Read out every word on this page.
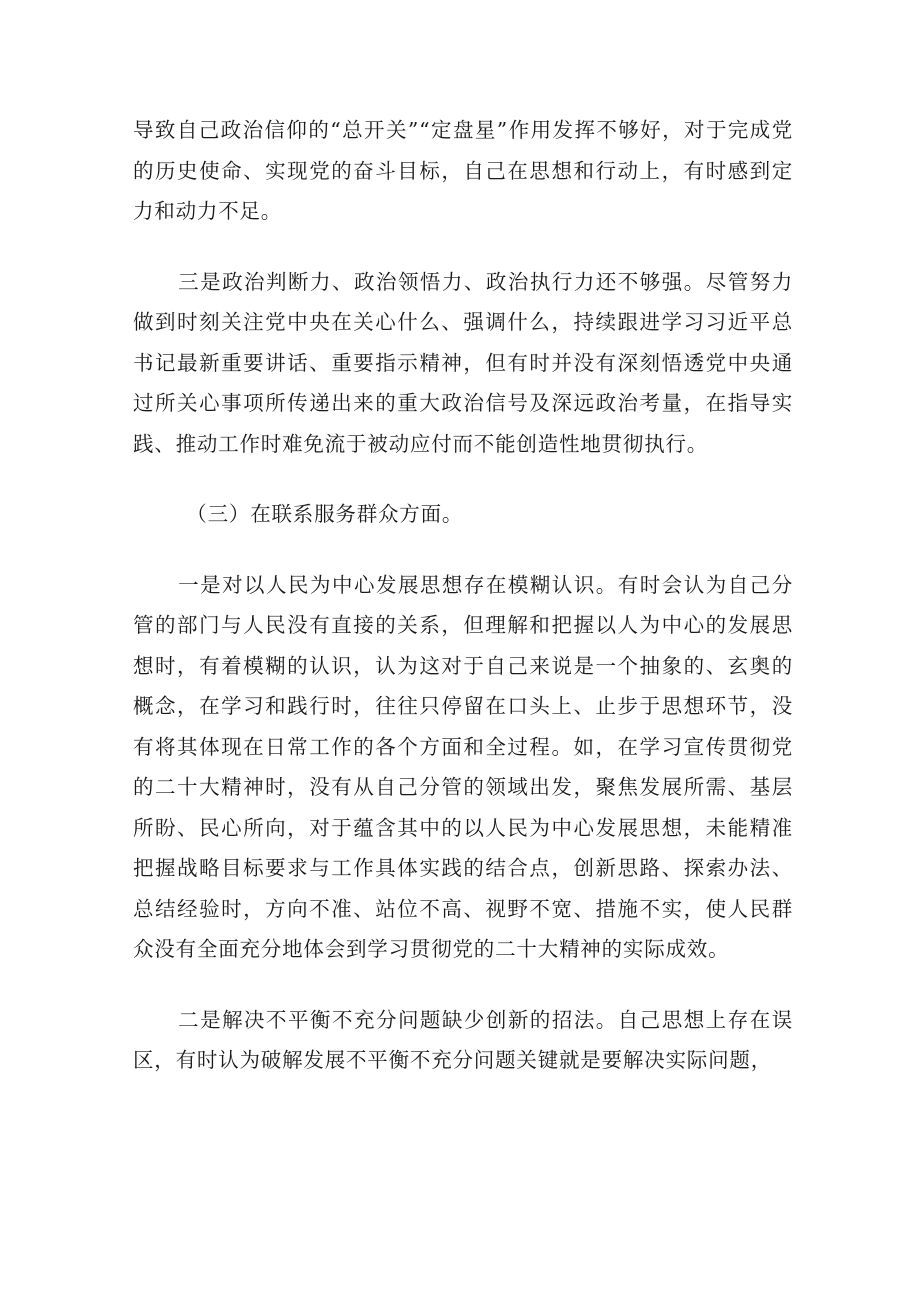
导致自己政治信仰的“总开关”“定盘星”作用发挥不够好，对于完成党的历史使命、实现党的奋斗目标，自己在思想和行动上，有时感到定力和动力不足。

三是政治判断力、政治领悟力、政治执行力还不够强。尽管努力做到时刻关注党中央在关心什么、强调什么，持续跟进学习习近平总书记最新重要讲话、重要指示精神，但有时并没有深刻悟透党中央通过所关心事项所传递出来的重大政治信号及深远政治考量，在指导实践、推动工作时难免流于被动应付而不能创造性地贯彻执行。

（三）在联系服务群众方面。

一是对以人民为中心发展思想存在模糊认识。有时会认为自己分管的部门与人民没有直接的关系，但理解和把握以人为中心的发展思想时，有着模糊的认识，认为这对于自己来说是一个抽象的、玄奥的概念，在学习和践行时，往往只停留在口头上、止步于思想环节，没有将其体现在日常工作的各个方面和全过程。如，在学习宣传贯彻党的二十大精神时，没有从自己分管的领域出发，聚焦发展所需、基层所盼、民心所向，对于蕴含其中的以人民为中心发展思想，未能精准把握战略目标要求与工作具体实践的结合点，创新思路、探索办法、总结经验时，方向不准、站位不高、视野不宽、措施不实，使人民群众没有全面充分地体会到学习贯彻党的二十大精神的实际成效。

二是解决不平衡不充分问题缺少创新的招法。自己思想上存在误区，有时认为破解发展不平衡不充分问题关键就是要解决实际问题，
